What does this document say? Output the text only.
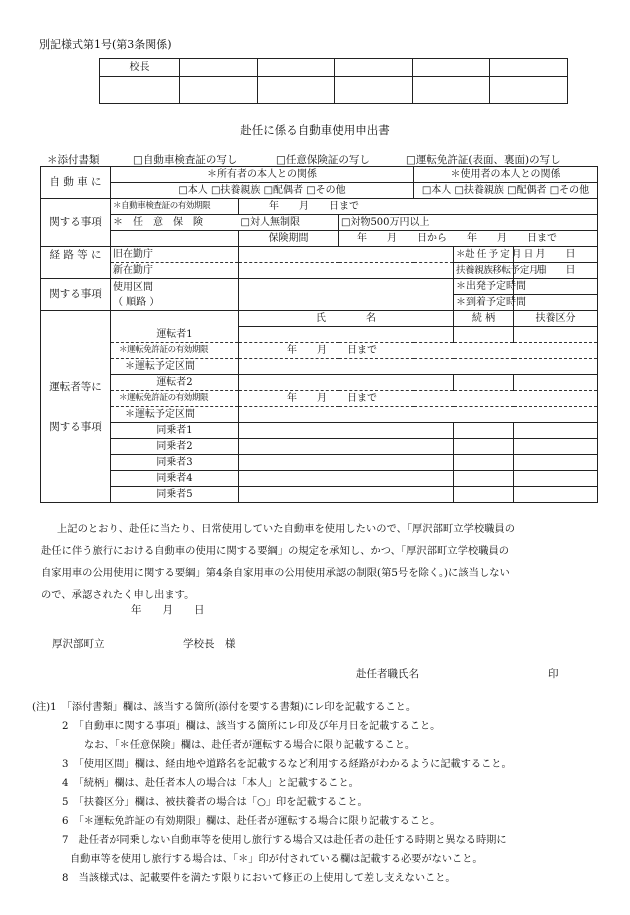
別記様式第1号(第3条関係)
校長					

赴任に係る自動車使用申出書
＊添付書類	□自動車検査証の写し	□任意保険証の写し	□運転免許証(表面、裏面)の写し
自 動 車 に	＊所有者の本人との関係			＊使用者の本人との関係		
	□本人 □扶養親族 □配偶者 □その他			□本人 □扶養親族 □配偶者 □その他		
関する事項	＊自動車検査証の有効期限	年　　月　　日まで				
	＊　任　意　保　険	□対人無制限	□対物500万円以上			
		保険期間	年　　月　　日から　　年　　月　　日まで			
経 路 等 に	旧在勤庁				＊赴 任 予 定 月 日	月　　日
	新在勤庁				扶養親族移転予定月日	月　　日
関する事項	使用区間
（ 順路 ）				＊出発予定時間	
					＊到着予定時間	
運転者等に
関する事項		氏　　　　名			続 柄	扶養区分
	運転者1					
	＊運転免許証の有効期限	年　　月　　日まで				
	＊運転予定区間					
	運転者2					
	＊運転免許証の有効期限	年　　月　　日まで				
	＊運転予定区間					
	同乗者1					
	同乗者2					
	同乗者3					
	同乗者4					
	同乗者5					
上記のとおり、赴任に当たり、日常使用していた自動車を使用したいので、「厚沢部町立学校職員の
赴任に伴う旅行における自動車の使用に関する要綱」の規定を承知し、かつ、「厚沢部町立学校職員の
自家用車の公用使用に関する要綱」第4条自家用車の公用使用承認の制限(第5号を除く。)に該当しない
ので、承認されたく申し出ます。
年　　月　　日
厚沢部町立	学校長　様
赴任者職氏名	印
(注)1　「添付書類」欄は、該当する箇所(添付を要する書類)にレ印を記載すること。
2　「自動車に関する事項」欄は、該当する箇所にレ印及び年月日を記載すること。
なお、「＊任意保険」欄は、赴任者が運転する場合に限り記載すること。
3　「使用区間」欄は、経由地や道路名を記載するなど利用する経路がわかるように記載すること。
4　「続柄」欄は、赴任者本人の場合は「本人」と記載すること。
5　「扶養区分」欄は、被扶養者の場合は「○」印を記載すること。
6　「＊運転免許証の有効期限」欄は、赴任者が運転する場合に限り記載すること。
7　赴任者が同乗しない自動車等を使用し旅行する場合又は赴任者の赴任する時期と異なる時期に
自動車等を使用し旅行する場合は、「＊」印が付されている欄は記載する必要がないこと。
8　当該様式は、記載要件を満たす限りにおいて修正の上使用して差し支えないこと。
